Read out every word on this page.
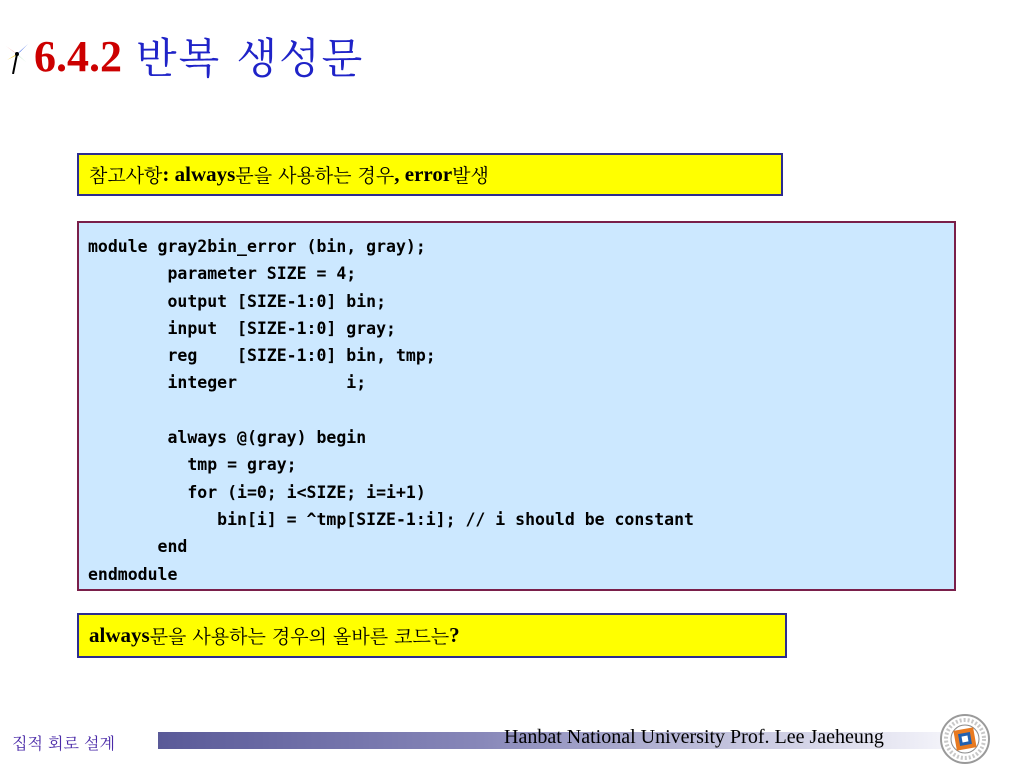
6.4.2 반복 생성문
참고사항 : always 문을 사용하는 경우 , error 발생
module gray2bin_error (bin, gray);
parameter SIZE = 4;
output [SIZE-1:0] bin;
input  [SIZE-1:0] gray;
reg    [SIZE-1:0] bin, tmp;
integer           i;

always @(gray) begin
tmp = gray;
for (i=0; i<SIZE; i=i+1)
bin[i] = ^tmp[SIZE-1:i]; // i should be constant
end
endmodule
always 문을 사용하는 경우의 올바른 코드는 ?
집적 회로 설계	Hanbat National University Prof. Lee Jaeheung
